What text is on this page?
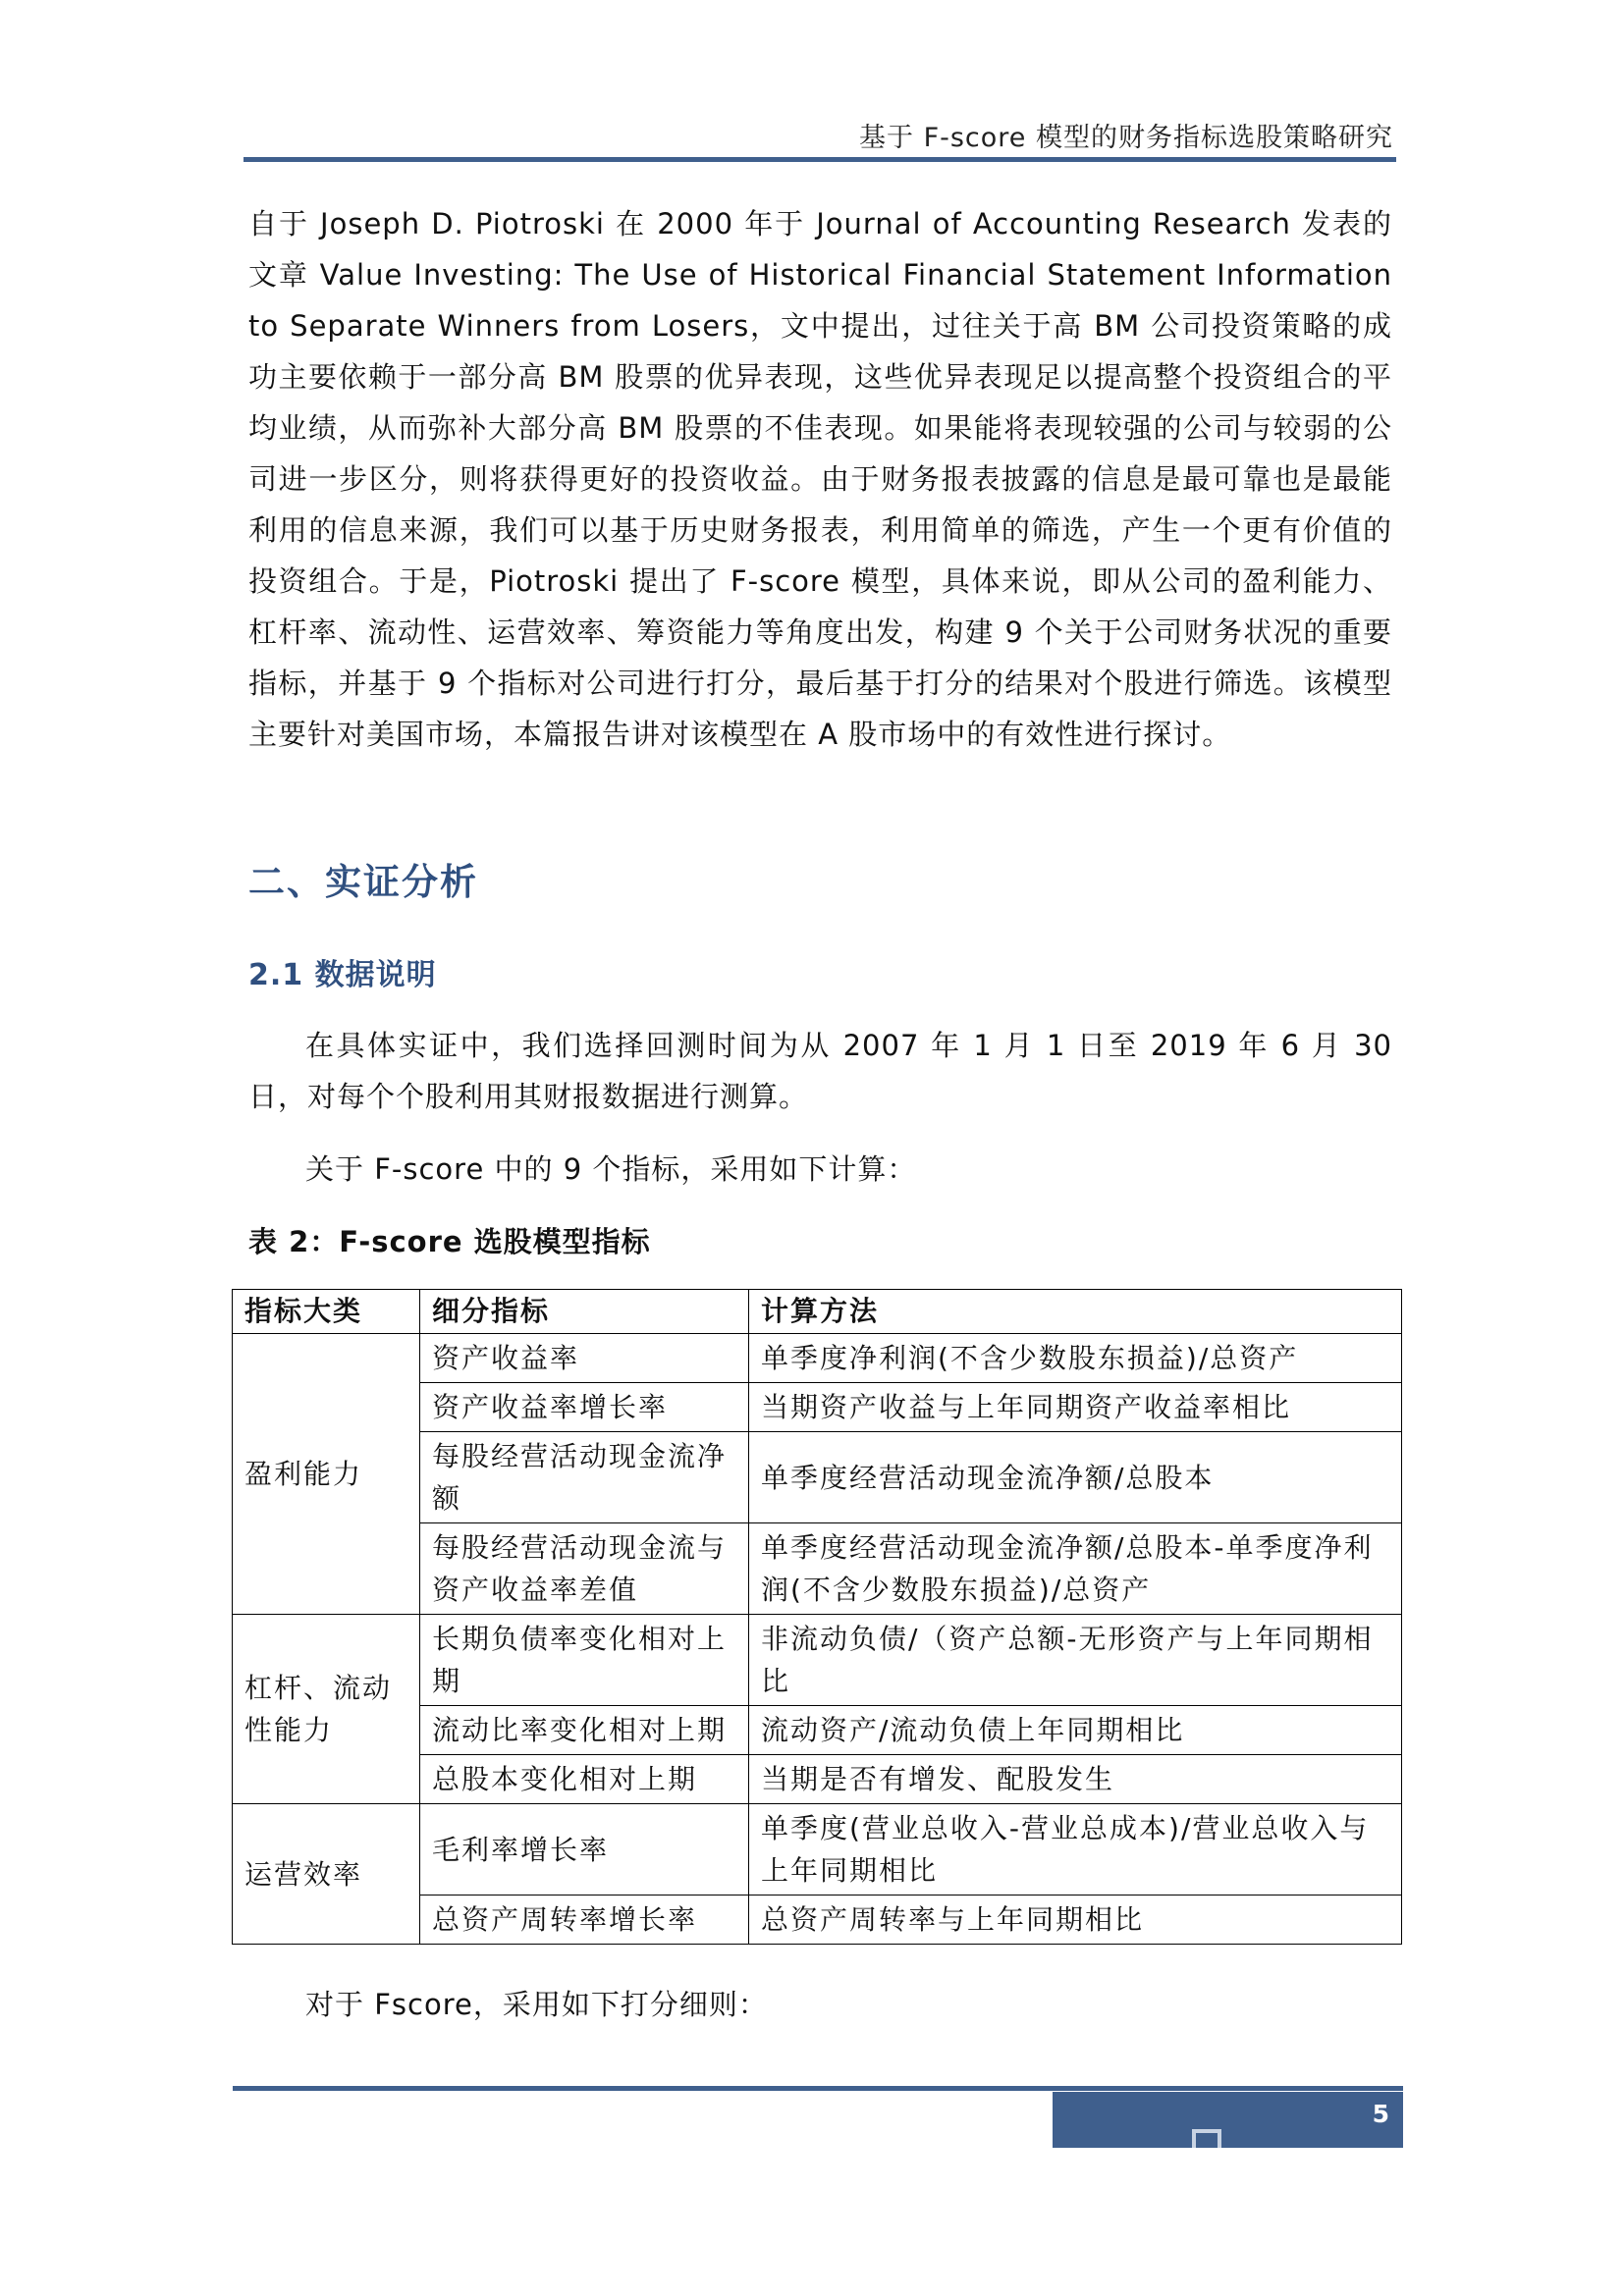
基于 F-score 模型的财务指标选股策略研究

自于 Joseph D. Piotroski 在 2000 年于 Journal of Accounting Research 发表的文章 Value Investing: The Use of Historical Financial Statement Information to Separate Winners from Losers，文中提出，过往关于高 BM 公司投资策略的成功主要依赖于一部分高 BM 股票的优异表现，这些优异表现足以提高整个投资组合的平均业绩，从而弥补大部分高 BM 股票的不佳表现。如果能将表现较强的公司与较弱的公司进一步区分，则将获得更好的投资收益。由于财务报表披露的信息是最可靠也是最能利用的信息来源，我们可以基于历史财务报表，利用简单的筛选，产生一个更有价值的投资组合。于是，Piotroski 提出了 F-score 模型，具体来说，即从公司的盈利能力、杠杆率、流动性、运营效率、筹资能力等角度出发，构建 9 个关于公司财务状况的重要指标，并基于 9 个指标对公司进行打分，最后基于打分的结果对个股进行筛选。该模型主要针对美国市场，本篇报告讲对该模型在 A 股市场中的有效性进行探讨。

二、实证分析
2.1 数据说明

在具体实证中，我们选择回测时间为从 2007 年 1 月 1 日至 2019 年 6 月 30 日，对每个个股利用其财报数据进行测算。

关于 F-score 中的 9 个指标，采用如下计算：

表 2：F-score 选股模型指标

指标大类	细分指标	计算方法
盈利能力	资产收益率	单季度净利润(不含少数股东损益)/总资产
	资产收益率增长率	当期资产收益与上年同期资产收益率相比
	每股经营活动现金流净额	单季度经营活动现金流净额/总股本
	每股经营活动现金流与资产收益率差值	单季度经营活动现金流净额/总股本-单季度净利润(不含少数股东损益)/总资产
杠杆、流动性能力	长期负债率变化相对上期	非流动负债/（资产总额-无形资产与上年同期相比
	流动比率变化相对上期	流动资产/流动负债上年同期相比
	总股本变化相对上期	当期是否有增发、配股发生
运营效率	毛利率增长率	单季度(营业总收入-营业总成本)/营业总收入与上年同期相比
	总资产周转率增长率	总资产周转率与上年同期相比

对于 Fscore，采用如下打分细则：

5
